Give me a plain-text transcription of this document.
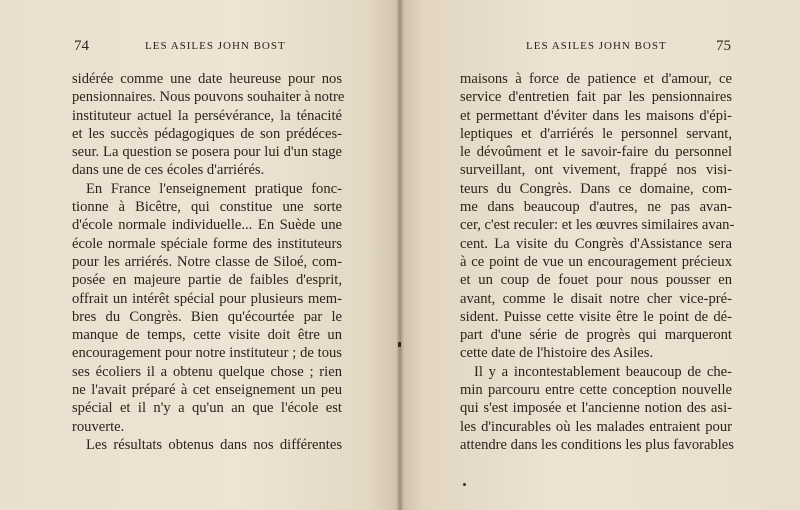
74	LES ASILES JOHN BOST
sidérée comme une date heureuse pour nos
pensionnaires. Nous pouvons souhaiter à notre
instituteur actuel la persévérance, la ténacité
et les succès pédagogiques de son prédéces-
seur. La question se posera pour lui d'un stage
dans une de ces écoles d'arriérés.
En France l'enseignement pratique fonc-
tionne à Bicêtre, qui constitue une sorte
d'école normale individuelle... En Suède une
école normale spéciale forme des instituteurs
pour les arriérés. Notre classe de Siloé, com-
posée en majeure partie de faibles d'esprit,
offrait un intérêt spécial pour plusieurs mem-
bres du Congrès. Bien qu'écourtée par le
manque de temps, cette visite doit être un
encouragement pour notre instituteur ; de tous
ses écoliers il a obtenu quelque chose ; rien
ne l'avait préparé à cet enseignement un peu
spécial et il n'y a qu'un an que l'école est
rouverte.
Les résultats obtenus dans nos différentes
75
LES ASILES JOHN BOST
maisons à force de patience et d'amour, ce
service d'entretien fait par les pensionnaires
et permettant d'éviter dans les maisons d'épi-
leptiques et d'arriérés le personnel servant,
le dévoûment et le savoir-faire du personnel
surveillant, ont vivement, frappé nos visi-
teurs du Congrès. Dans ce domaine, com-
me dans beaucoup d'autres, ne pas avan-
cer, c'est reculer: et les œuvres similaires avan-
cent. La visite du Congrès d'Assistance sera
à ce point de vue un encouragement précieux
et un coup de fouet pour nous pousser en
avant, comme le disait notre cher vice-pré-
sident. Puisse cette visite être le point de dé-
part d'une série de progrès qui marqueront
cette date de l'histoire des Asiles.
Il y a incontestablement beaucoup de che-
min parcouru entre cette conception nouvelle
qui s'est imposée et l'ancienne notion des asi-
les d'incurables où les malades entraient pour
attendre dans les conditions les plus favorables
